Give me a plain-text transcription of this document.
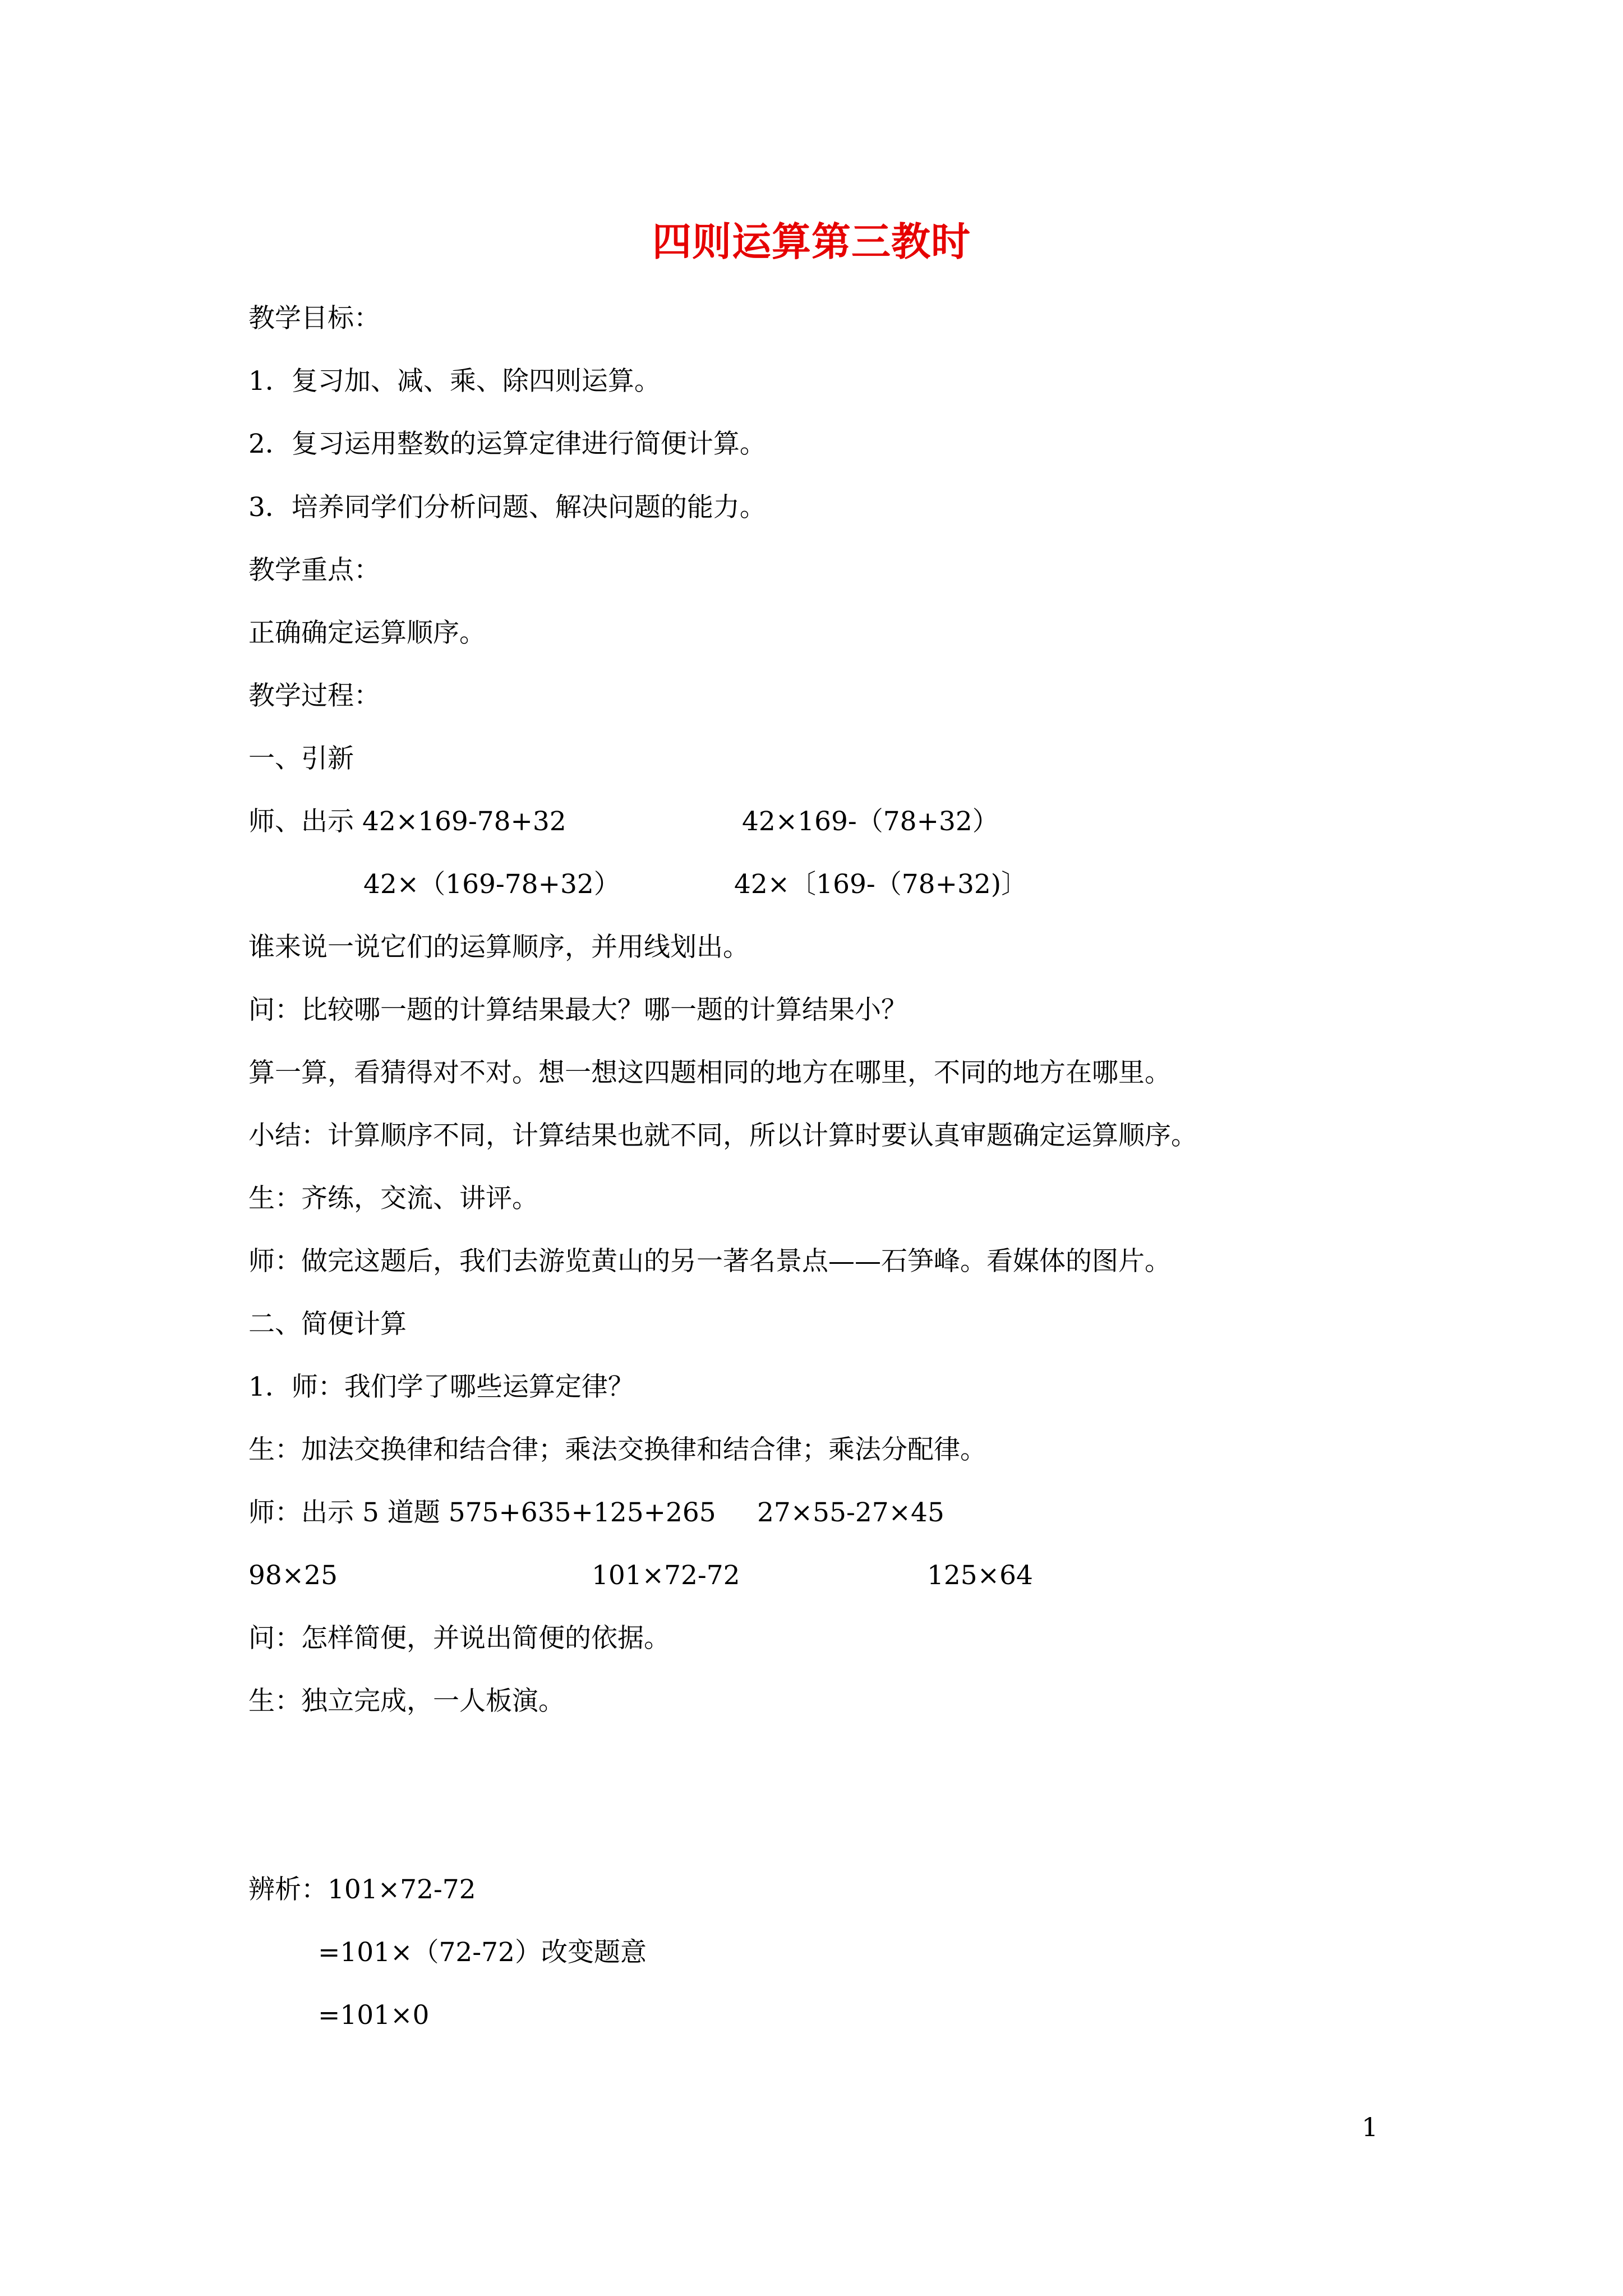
四则运算第三教时
教学目标：
1．复习加、减、乘、除四则运算。
2．复习运用整数的运算定律进行简便计算。
3．培养同学们分析问题、解决问题的能力。
教学重点：
正确确定运算顺序。
教学过程：
一、引新
师、出示 42×169-78+32	42×169-（78+32）
42×（169-78+32）	42×〔169-（78+32)〕
谁来说一说它们的运算顺序，并用线划出。
问：比较哪一题的计算结果最大？哪一题的计算结果小？
算一算，看猜得对不对。想一想这四题相同的地方在哪里，不同的地方在哪里。
小结：计算顺序不同，计算结果也就不同，所以计算时要认真审题确定运算顺序。
生：齐练，交流、讲评。
师：做完这题后，我们去游览黄山的另一著名景点——石笋峰。看媒体的图片。
二、简便计算
1．师：我们学了哪些运算定律？
生：加法交换律和结合律；乘法交换律和结合律；乘法分配律。
师：出示 5 道题 575+635+125+265 27×55-27×45
98×25	101×72-72	125×64
问：怎样简便，并说出简便的依据。
生：独立完成，一人板演。
辨析：101×72-72
=101×（72-72）改变题意
=101×0
1
